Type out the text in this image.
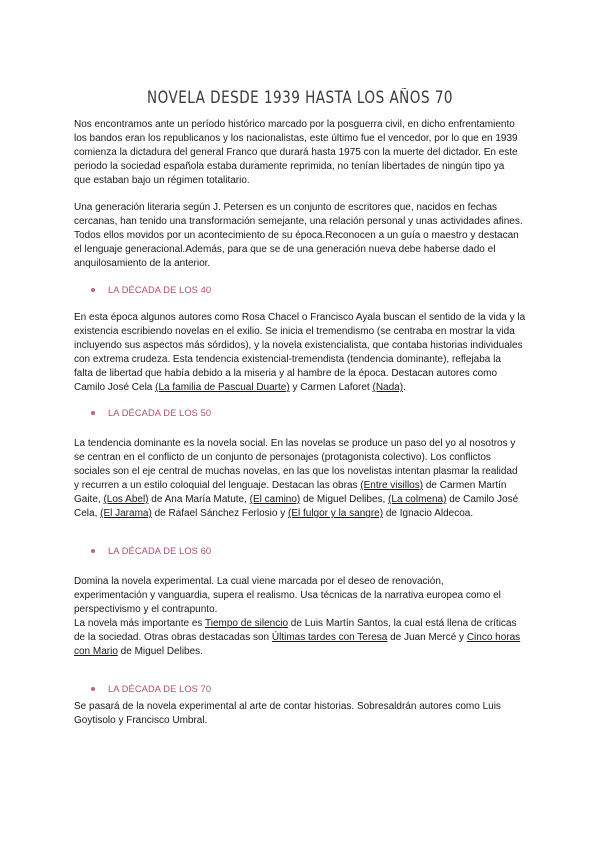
NOVELA DESDE 1939 HASTA LOS AÑOS 70
Nos encontramos ante un período histórico marcado por la posguerra civil, en dicho enfrentamiento
los bandos eran los republicanos y los nacionalistas, este último fue el vencedor, por lo que en 1939
comienza la dictadura del general Franco que durará hasta 1975 con la muerte del dictador. En este
periodo la sociedad española estaba duramente reprimida, no tenían libertades de ningún tipo ya
que estaban bajo un régimen totalitario.
Una generación literaria según J. Petersen es un conjunto de escritores que, nacidos en fechas
cercanas, han tenido una transformación semejante, una relación personal y unas actividades afines.
Todos ellos movidos por un acontecimiento de su época.Reconocen a un guía o maestro y destacan
el lenguaje generacional.Además, para que se de una generación nueva debe haberse dado el
anquilosamiento de la anterior.
LA DÉCADA DE LOS 40
En esta época algunos autores como Rosa Chacel o Francisco Ayala buscan el sentido de la vida y la
existencia escribiendo novelas en el exilio. Se inicia el tremendismo (se centraba en mostrar la vida
incluyendo sus aspectos más sórdidos), y la novela existencialista, que contaba historias individuales
con extrema crudeza. Esta tendencia existencial-tremendista (tendencia dominante), reflejaba la
falta de libertad que había debido a la miseria y al hambre de la época. Destacan autores como
Camilo José Cela (La familia de Pascual Duarte) y Carmen Laforet (Nada).
LA DÉCADA DE LOS 50
La tendencia dominante es la novela social. En las novelas se produce un paso del yo al nosotros y
se centran en el conflicto de un conjunto de personajes (protagonista colectivo). Los conflictos
sociales son el eje central de muchas novelas, en las que los novelistas intentan plasmar la realidad
y recurren a un estilo coloquial del lenguaje. Destacan las obras (Entre visillos) de Carmen Martín
Gaite, (Los Abel) de Ana María Matute, (El camino) de Miguel Delibes, (La colmena) de Camilo José
Cela, (El Jarama) de Rafael Sánchez Ferlosio y (El fulgor y la sangre) de Ignacio Aldecoa.
LA DÉCADA DE LOS 60
Domina la novela experimental. La cual viene marcada por el deseo de renovación,
experimentación y vanguardia, supera el realismo. Usa técnicas de la narrativa europea como el
perspectivismo y el contrapunto.
La novela más importante es Tiempo de silencio de Luis Martín Santos, la cual está llena de críticas
de la sociedad. Otras obras destacadas son Últimas tardes con Teresa de Juan Mercé y Cinco horas
con Mario de Miguel Delibes.
LA DÉCADA DE LOS 70
Se pasará de la novela experimental al arte de contar historias. Sobresaldrán autores como Luis
Goytisolo y Francisco Umbral.
